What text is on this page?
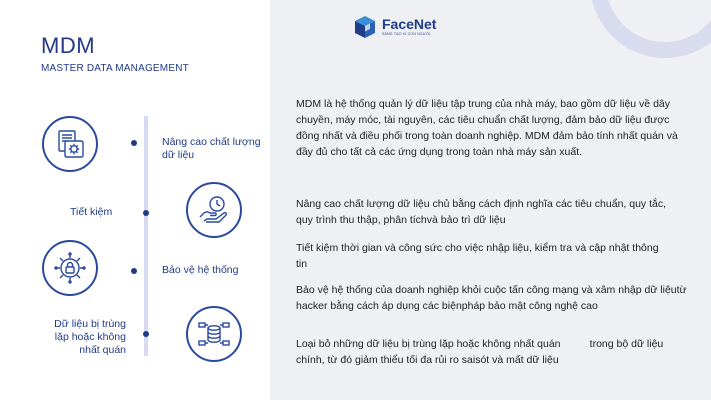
FaceNet
SÁNG TẠO VÌ CON NGƯỜI
MDM
MASTER DATA MANAGEMENT
Nâng cao chất lượng dữ liệu
Tiết kiệm
Bảo vệ hệ thống
Dữ liệu bị trùng lặp hoặc không nhất quán
MDM là hệ thống quản lý dữ liệu tập trung của nhà máy, bao gồm dữ liệu về dây chuyền, máy móc, tài nguyên, các tiêu chuẩn chất lượng, đảm bảo dữ liệu được đồng nhất và điều phối trong toàn doanh nghiệp. MDM đảm bảo tính nhất quán và đầy đủ cho tất cả các ứng dụng trong toàn nhà máy sản xuất.
Nâng cao chất lượng dữ liệu chủ bằng cách định nghĩa các tiêu chuẩn, quy tắc, quy trình thu thập, phân tíchvà bảo trì dữ liệu
Tiết kiệm thời gian và công sức cho việc nhập liệu, kiểm tra và cập nhật thông tin
Bảo vệ hệ thống của doanh nghiệp khỏi cuộc tấn công mạng và xâm nhập dữ liệutừ hacker bằng cách áp dụng các biệnpháp bảo mật công nghệ cao
Loại bỏ những dữ liệu bị trùng lặp hoặc không nhất quán          trong bộ dữ liệu chính, từ đó giảm thiểu tối đa rủi ro saisót và mất dữ liệu
